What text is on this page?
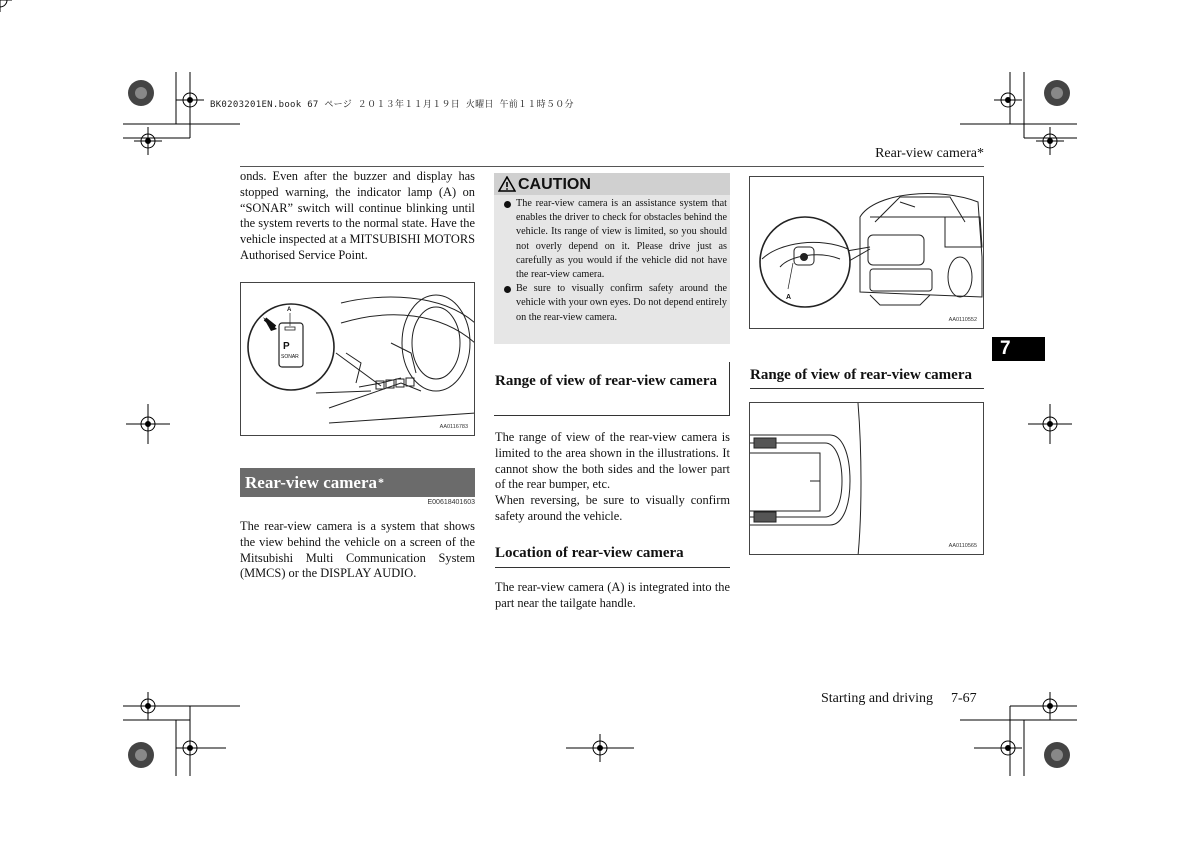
BK0203201EN.book 67 ページ ２０１３年１１月１９日 火曜日 午前１１時５０分
Rear-view camera*
7

onds. Even after the buzzer and display has stopped warning, the indicator lamp (A) on “SONAR” switch will continue blinking until the system reverts to the normal state. Have the vehicle inspected at a MITSUBISHI MOTORS Authorised Service Point.

P
SONAR
A
AA0116783
Rear-view camera*
E00618401603

The rear-view camera is a system that shows the view behind the vehicle on a screen of the Mitsubishi Multi Communication System (MMCS) or the DISPLAY AUDIO.

CAUTION
The rear-view camera is an assistance system that enables the driver to check for obstacles behind the vehicle. Its range of view is limited, so you should not overly depend on it. Please drive just as carefully as you would if the vehicle did not have the rear-view camera.
Be sure to visually confirm safety around the vehicle with your own eyes. Do not depend entirely on the rear-view camera.
Range of view of rear-view camera

The range of view of the rear-view camera is limited to the area shown in the illustrations. It cannot show the both sides and the lower part of the rear bumper, etc.
When reversing, be sure to visually confirm safety around the vehicle.

Location of rear-view camera

The rear-view camera (A) is integrated into the part near the tailgate handle.

A
AA0110552
Range of view of rear-view camera
AA0110565
Starting and driving 7-67
